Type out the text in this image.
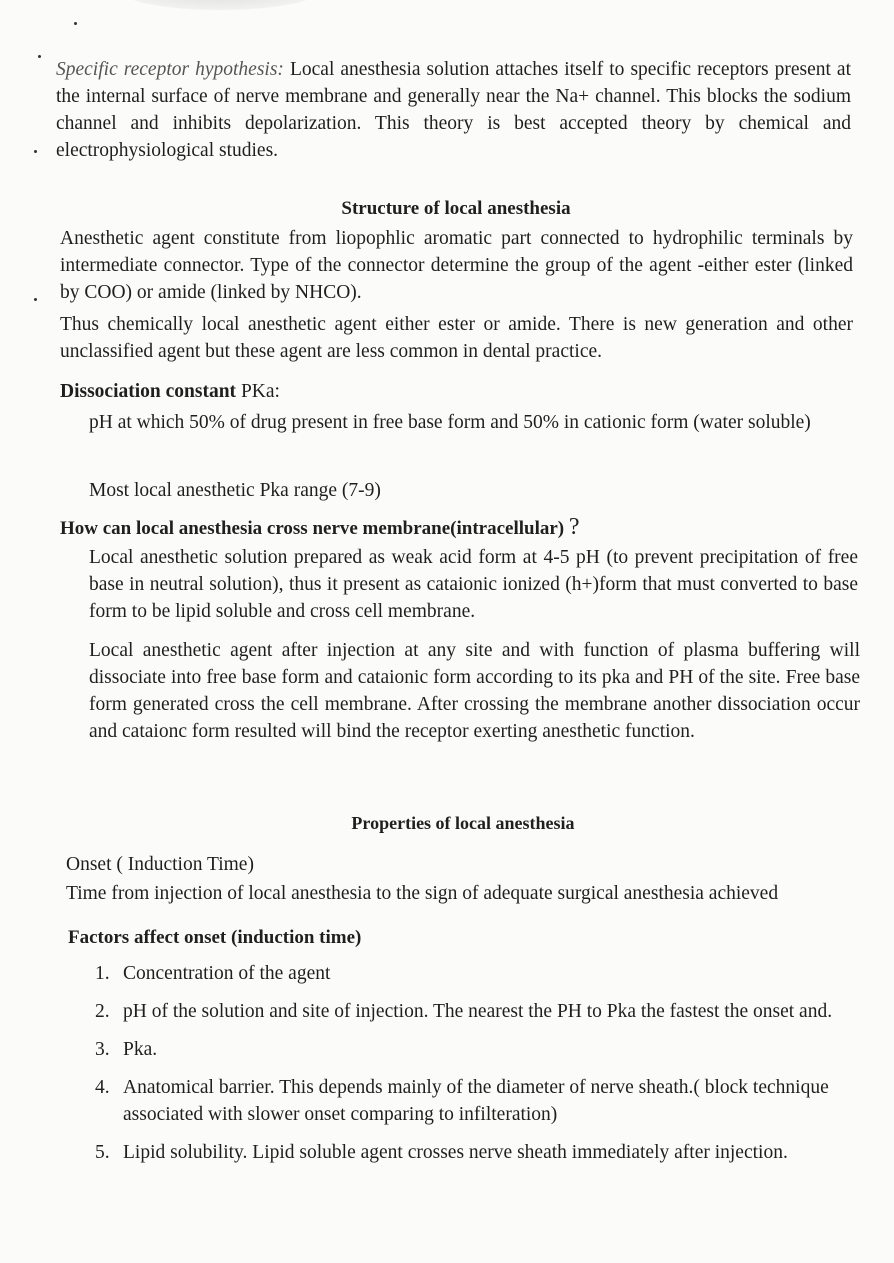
Specific receptor hypothesis: Local anesthesia solution attaches itself to specific receptors present at the internal surface of nerve membrane and generally near the Na+ channel. This blocks the sodium channel and inhibits depolarization. This theory is best accepted theory by chemical and electrophysiological studies.
Structure of local anesthesia
Anesthetic agent constitute from liopophlic aromatic part connected to hydrophilic terminals by intermediate connector. Type of the connector determine the group of the agent -either ester (linked by COO) or amide (linked by NHCO).
Thus chemically local anesthetic agent either ester or amide. There is new generation and other unclassified agent but these agent are less common in dental practice.
Dissociation constant PKa:
pH at which 50% of drug present in free base form and 50% in cationic form (water soluble)
Most local anesthetic Pka range (7-9)
How can local anesthesia cross nerve membrane(intracellular) ?
Local anesthetic solution prepared as weak acid form at 4-5 pH (to prevent precipitation of free base in neutral solution), thus it present as cataionic ionized (h+)form that must converted to base form to be lipid soluble and cross cell membrane.
Local anesthetic agent after injection at any site and with function of plasma buffering will dissociate into free base form and cataionic form according to its pka and PH of the site. Free base form generated cross the cell membrane. After crossing the membrane another dissociation occur and cataionc form resulted will bind the receptor exerting anesthetic function.
Properties of local anesthesia
Onset ( Induction Time)
Time from injection of local anesthesia to the sign of adequate surgical anesthesia achieved
Factors affect onset (induction time)
1. Concentration of the agent
2. pH of the solution and site of injection. The nearest the PH to Pka the fastest the onset and.
3. Pka.
4. Anatomical barrier. This depends mainly of the diameter of nerve sheath.( block technique associated with slower onset comparing to infilteration)
5. Lipid solubility. Lipid soluble agent crosses nerve sheath immediately after injection.
